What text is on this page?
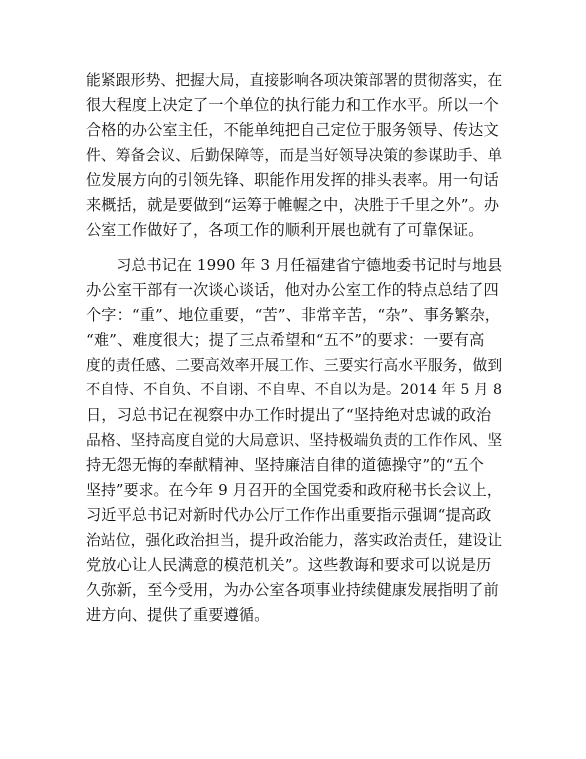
能紧跟形势、把握大局，直接影响各项决策部署的贯彻落实，在
很大程度上决定了一个单位的执行能力和工作水平。所以一个
合格的办公室主任，不能单纯把自己定位于服务领导、传达文
件、筹备会议、后勤保障等，而是当好领导决策的参谋助手、单
位发展方向的引领先锋、职能作用发挥的排头表率。用一句话
来概括，就是要做到“运筹于帷幄之中，决胜于千里之外”。办
公室工作做好了，各项工作的顺利开展也就有了可靠保证。
　　习总书记在 1990 年 3 月任福建省宁德地委书记时与地县
办公室干部有一次谈心谈话，他对办公室工作的特点总结了四
个字：“重”、地位重要，“苦”、非常辛苦，“杂”、事务繁杂，
“难”、难度很大；提了三点希望和“五不”的要求：一要有高
度的责任感、二要高效率开展工作、三要实行高水平服务，做到
不自恃、不自负、不自诩、不自卑、不自以为是。2014 年 5 月 8
日，习总书记在视察中办工作时提出了“坚持绝对忠诚的政治
品格、坚持高度自觉的大局意识、坚持极端负责的工作作风、坚
持无怨无悔的奉献精神、坚持廉洁自律的道德操守”的“五个
坚持”要求。在今年 9 月召开的全国党委和政府秘书长会议上，
习近平总书记对新时代办公厅工作作出重要指示强调“提高政
治站位，强化政治担当，提升政治能力，落实政治责任，建设让
党放心让人民满意的模范机关”。这些教诲和要求可以说是历
久弥新，至今受用，为办公室各项事业持续健康发展指明了前
进方向、提供了重要遵循。
